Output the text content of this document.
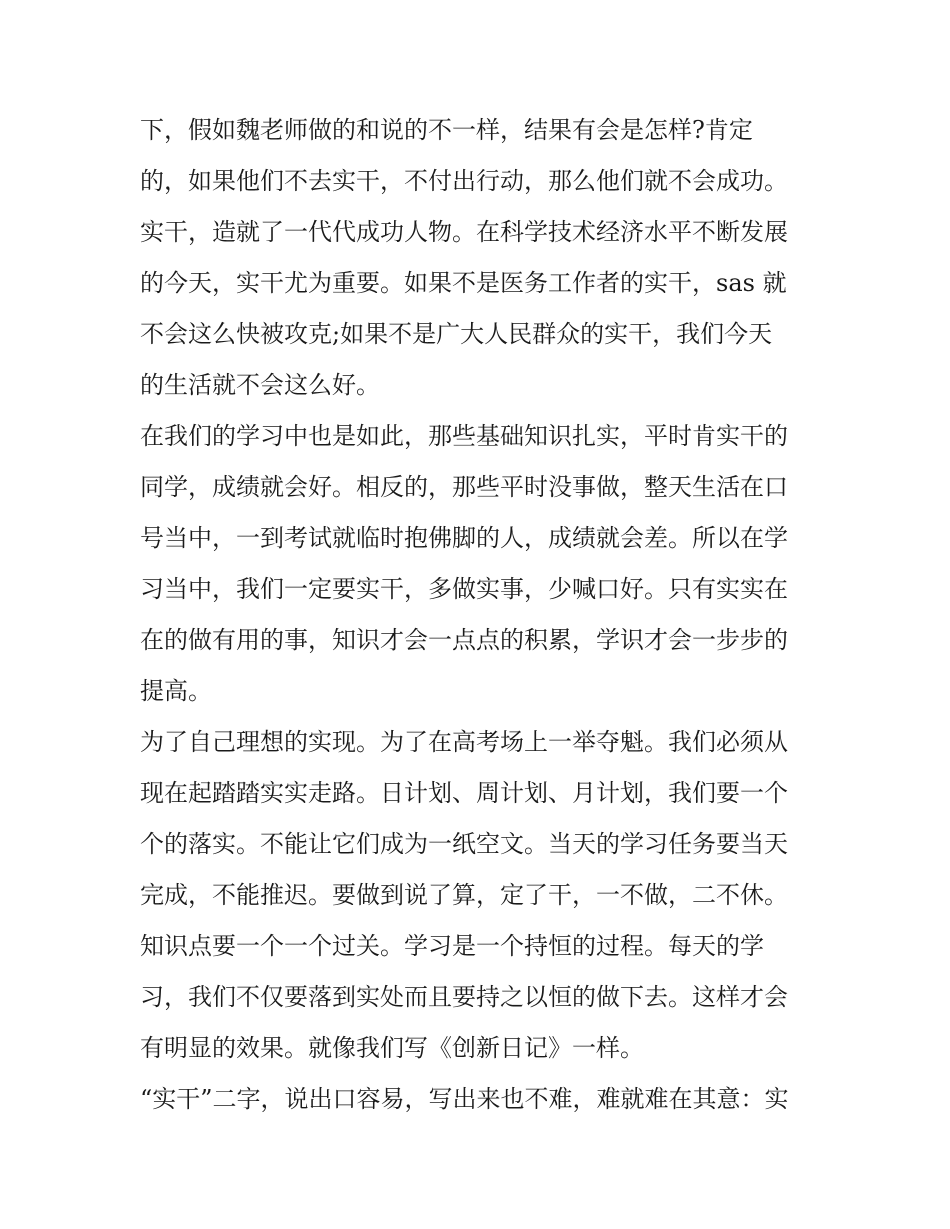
下，假如魏老师做的和说的不一样，结果有会是怎样?肯定
的，如果他们不去实干，不付出行动，那么他们就不会成功。
实干，造就了一代代成功人物。在科学技术经济水平不断发展
的今天，实干尤为重要。如果不是医务工作者的实干，sas 就
不会这么快被攻克;如果不是广大人民群众的实干，我们今天
的生活就不会这么好。
在我们的学习中也是如此，那些基础知识扎实，平时肯实干的
同学，成绩就会好。相反的，那些平时没事做，整天生活在口
号当中，一到考试就临时抱佛脚的人，成绩就会差。所以在学
习当中，我们一定要实干，多做实事，少喊口好。只有实实在
在的做有用的事，知识才会一点点的积累，学识才会一步步的
提高。
为了自己理想的实现。为了在高考场上一举夺魁。我们必须从
现在起踏踏实实走路。日计划、周计划、月计划，我们要一个
个的落实。不能让它们成为一纸空文。当天的学习任务要当天
完成，不能推迟。要做到说了算，定了干，一不做，二不休。
知识点要一个一个过关。学习是一个持恒的过程。每天的学
习，我们不仅要落到实处而且要持之以恒的做下去。这样才会
有明显的效果。就像我们写《创新日记》一样。
“实干”二字，说出口容易，写出来也不难，难就难在其意：实
